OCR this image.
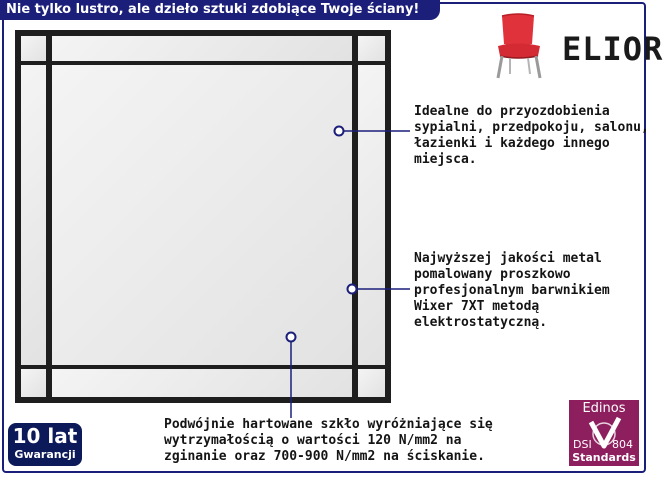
Nie tylko lustro, ale dzieło sztuki zdobiące Twoje ściany!
ELIOR
Idealne do przyozdobienia
sypialni, przedpokoju, salonu,
łazienki i każdego innego
miejsca.
Najwyższej jakości metal
pomalowany proszkowo
profesjonalnym barwnikiem
Wixer 7XT metodą
elektrostatyczną.
Podwójnie hartowane szkło wyróżniające się
wytrzymałością o wartości 120 N/mm2 na
zginanie oraz 700-900 N/mm2 na ściskanie.
10 lat
Gwarancji
Edinos
DSI 804
Standards
